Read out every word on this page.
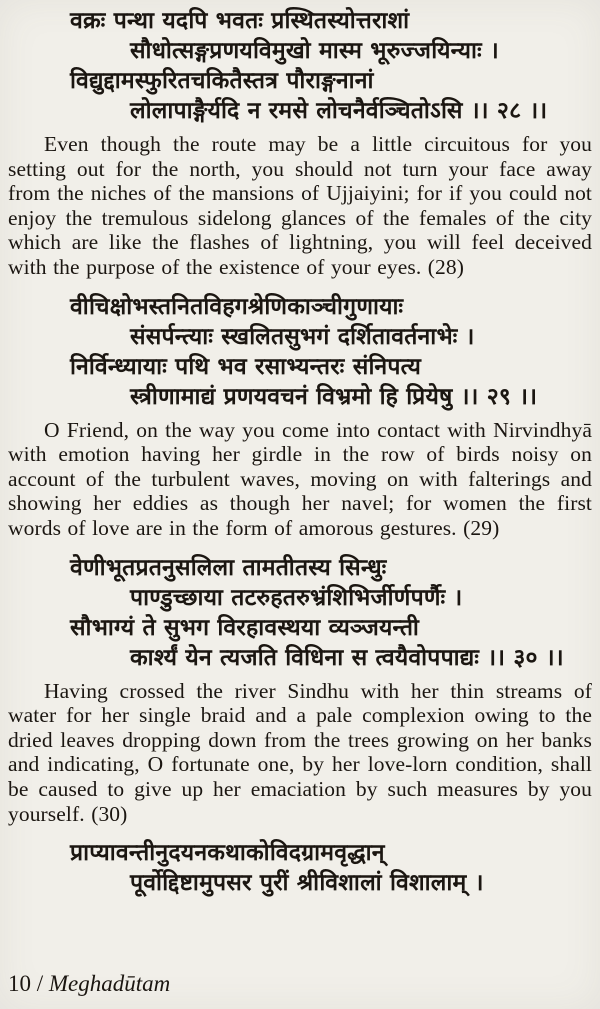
वक्रः पन्था यदपि भवतः प्रस्थितस्योत्तराशां
सौधोत्सङ्गप्रणयविमुखो मास्म भूरुज्जयिन्याः ।
विद्युद्दामस्फुरितचकितैस्तत्र पौराङ्गनानां
लोलापाङ्गैर्यदि न रमसे लोचनैर्वञ्चितोऽसि ।। २८ ।।

Even though the route may be a little circuitous for you setting out for the north, you should not turn your face away from the niches of the mansions of Ujjaiyini; for if you could not enjoy the tremulous sidelong glances of the females of the city which are like the flashes of lightning, you will feel deceived with the purpose of the existence of your eyes. (28)

वीचिक्षोभस्तनितविहगश्रेणिकाञ्चीगुणायाः
संसर्पन्त्याः स्खलितसुभगं दर्शितावर्तनाभेः ।
निर्विन्ध्यायाः पथि भव रसाभ्यन्तरः संनिपत्य
स्त्रीणामाद्यं प्रणयवचनं विभ्रमो हि प्रियेषु ।। २९ ।।

O Friend, on the way you come into contact with Nirvindhyā with emotion having her girdle in the row of birds noisy on account of the turbulent waves, moving on with falterings and showing her eddies as though her navel; for women the first words of love are in the form of amorous gestures. (29)

वेणीभूतप्रतनुसलिला तामतीतस्य सिन्धुः
पाण्डुच्छाया तटरुहतरुभ्रंशिभिर्जीर्णपर्णैः ।
सौभाग्यं ते सुभग विरहावस्थया व्यञ्जयन्ती
कार्श्यं येन त्यजति विधिना स त्वयैवोपपाद्यः ।। ३० ।।

Having crossed the river Sindhu with her thin streams of water for her single braid and a pale complexion owing to the dried leaves dropping down from the trees growing on her banks and indicating, O fortunate one, by her love-lorn condition, shall be caused to give up her emaciation by such measures by you yourself. (30)

प्राप्यावन्तीनुदयनकथाकोविदग्रामवृद्धान्
पूर्वोद्दिष्टामुपसर पुरीं श्रीविशालां विशालाम् ।
10 / Meghadūtam
